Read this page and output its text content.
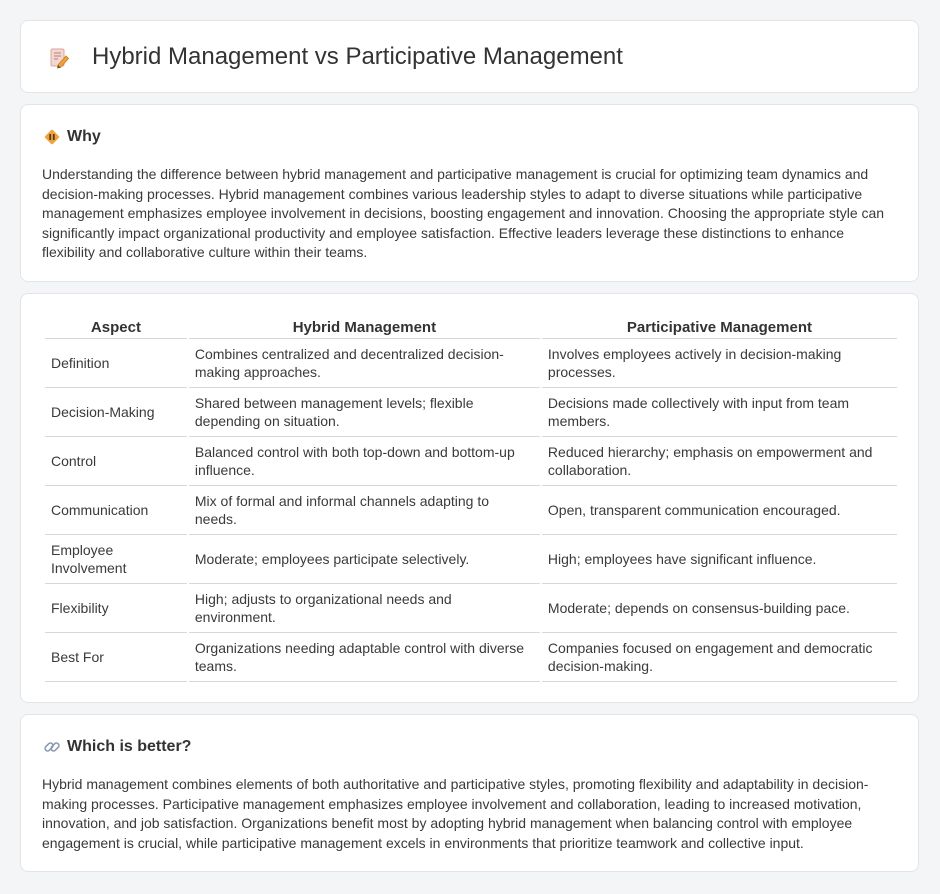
Hybrid Management vs Participative Management
Why

Understanding the difference between hybrid management and participative management is crucial for optimizing team dynamics and decision-making processes. Hybrid management combines various leadership styles to adapt to diverse situations while participative management emphasizes employee involvement in decisions, boosting engagement and innovation. Choosing the appropriate style can significantly impact organizational productivity and employee satisfaction. Effective leaders leverage these distinctions to enhance flexibility and collaborative culture within their teams.

Aspect	Hybrid Management	Participative Management
Definition	Combines centralized and decentralized decision-making approaches.	Involves employees actively in decision-making processes.
Decision-Making	Shared between management levels; flexible depending on situation.	Decisions made collectively with input from team members.
Control	Balanced control with both top-down and bottom-up influence.	Reduced hierarchy; emphasis on empowerment and collaboration.
Communication	Mix of formal and informal channels adapting to needs.	Open, transparent communication encouraged.
Employee Involvement	Moderate; employees participate selectively.	High; employees have significant influence.
Flexibility	High; adjusts to organizational needs and environment.	Moderate; depends on consensus-building pace.
Best For	Organizations needing adaptable control with diverse teams.	Companies focused on engagement and democratic decision-making.
Which is better?

Hybrid management combines elements of both authoritative and participative styles, promoting flexibility and adaptability in decision-making processes. Participative management emphasizes employee involvement and collaboration, leading to increased motivation, innovation, and job satisfaction. Organizations benefit most by adopting hybrid management when balancing control with employee engagement is crucial, while participative management excels in environments that prioritize teamwork and collective input.
